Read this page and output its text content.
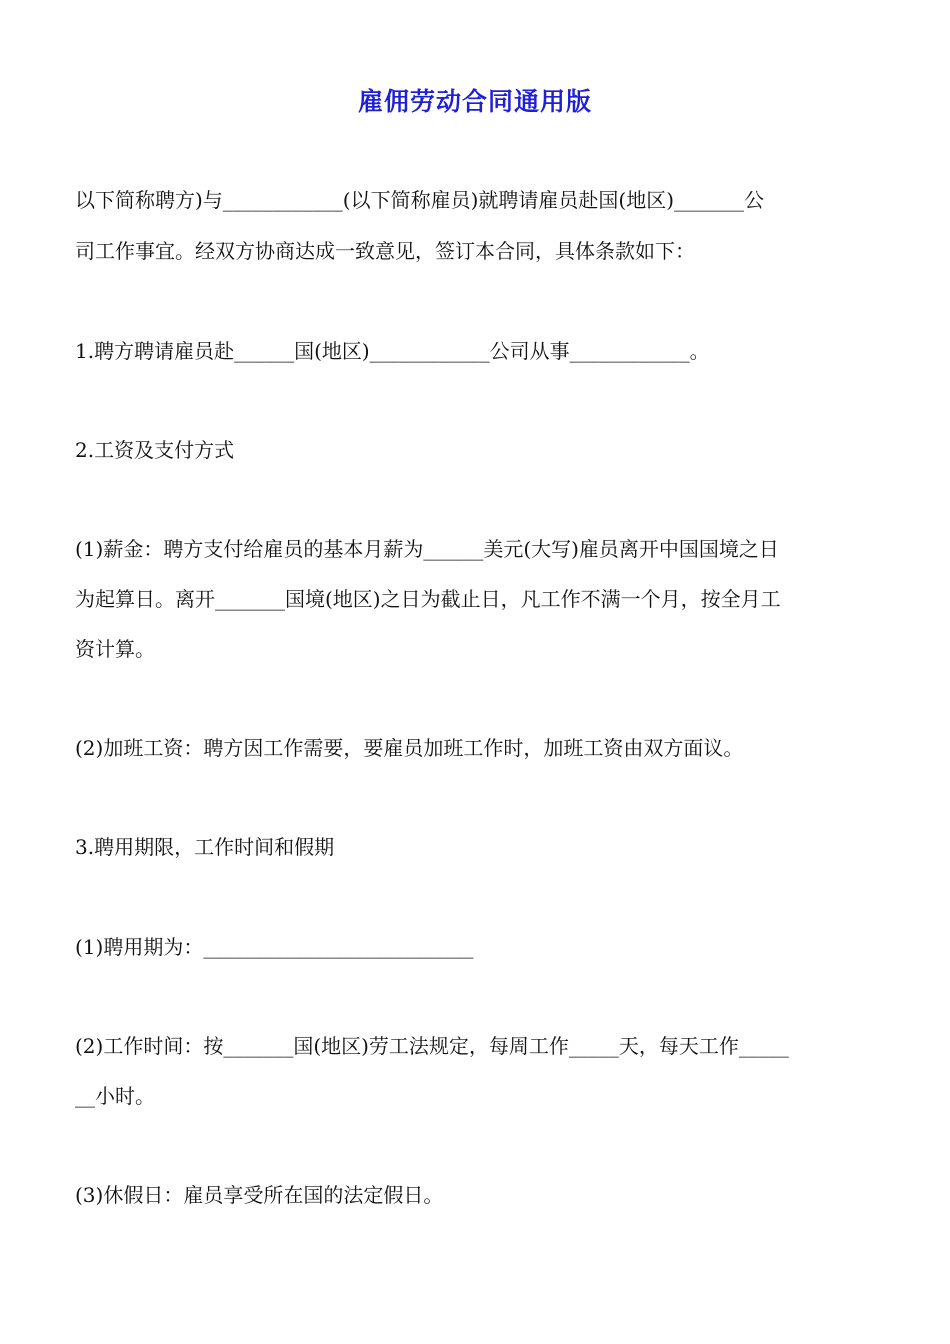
雇佣劳动合同通用版
以下简称聘方)与____________(以下简称雇员)就聘请雇员赴国(地区)_______公
司工作事宜。经双方协商达成一致意见，签订本合同，具体条款如下：
1.聘方聘请雇员赴______国(地区)____________公司从事____________。
2.工资及支付方式
(1)薪金：聘方支付给雇员的基本月薪为______美元(大写)雇员离开中国国境之日
为起算日。离开_______国境(地区)之日为截止日，凡工作不满一个月，按全月工
资计算。
(2)加班工资：聘方因工作需要，要雇员加班工作时，加班工资由双方面议。
3.聘用期限，工作时间和假期
(1)聘用期为：___________________________
(2)工作时间：按_______国(地区)劳工法规定，每周工作_____天，每天工作_____
__小时。
(3)休假日：雇员享受所在国的法定假日。
